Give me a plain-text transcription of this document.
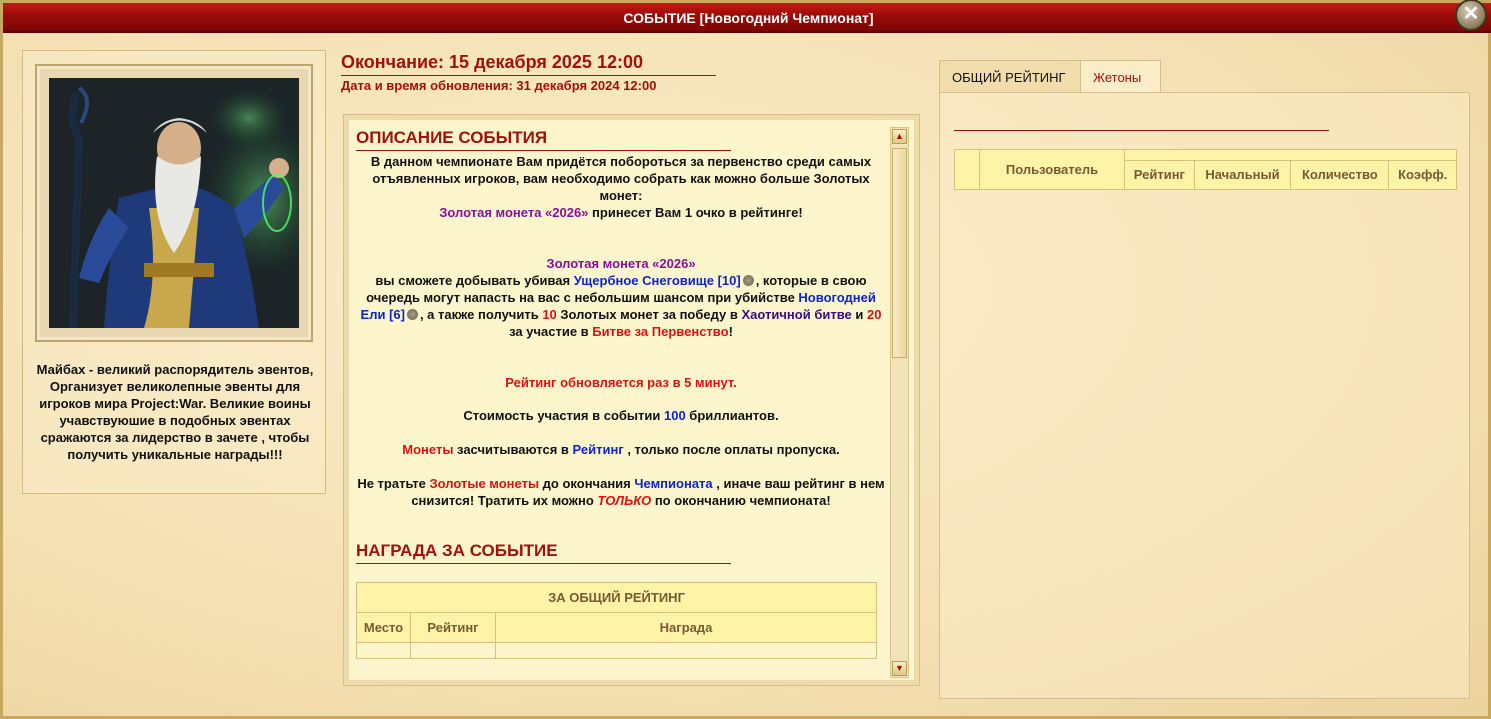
СОБЫТИЕ [Новогодний Чемпионат]	✕
Майбах - великий распорядитель эвентов, Организует великолепные эвенты для игроков мира Project:War. Великие воины учавствуюшие в подобных эвентах сражаются за лидерство в зачете , чтобы получить уникальные награды!!!
Окончание: 15 декабря 2025 12:00
Дата и время обновления: 31 декабря 2024 12:00
ОПИСАНИЕ СОБЫТИЯ
В данном чемпионате Вам придётся побороться за первенство среди самых отъявленных игроков, вам необходимо собрать как можно больше Золотых монет:
Золотая монета «2026» принесет Вам 1 очко в рейтинге!
Золотая монета «2026»
вы сможете добывать убивая Ущербное Снеговище [10] , которые в свою очередь могут напасть на вас с небольшим шансом при убийстве Новогодней Ели [6] , а также получить 10 Золотых монет за победу в Хаотичной битве и 20 за участие в Битве за Первенство!
Рейтинг обновляется раз в 5 минут.
Стоимость участия в событии 100 бриллиантов.
Монеты засчитываются в Рейтинг , только после оплаты пропуска.
Не тратьте Золотые монеты до окончания Чемпионата , иначе ваш рейтинг в нем снизится! Тратить их можно ТОЛЬКО по окончанию чемпионата!
НАГРАДА ЗА СОБЫТИЕ
ЗА ОБЩИЙ РЕЙТИНГ		
Место	Рейтинг	Награда

▲
▼
ОБЩИЙ РЕЙТИНГ	Жетоны
	Пользователь				
		Рейтинг	Начальный	Количество	Коэфф.
